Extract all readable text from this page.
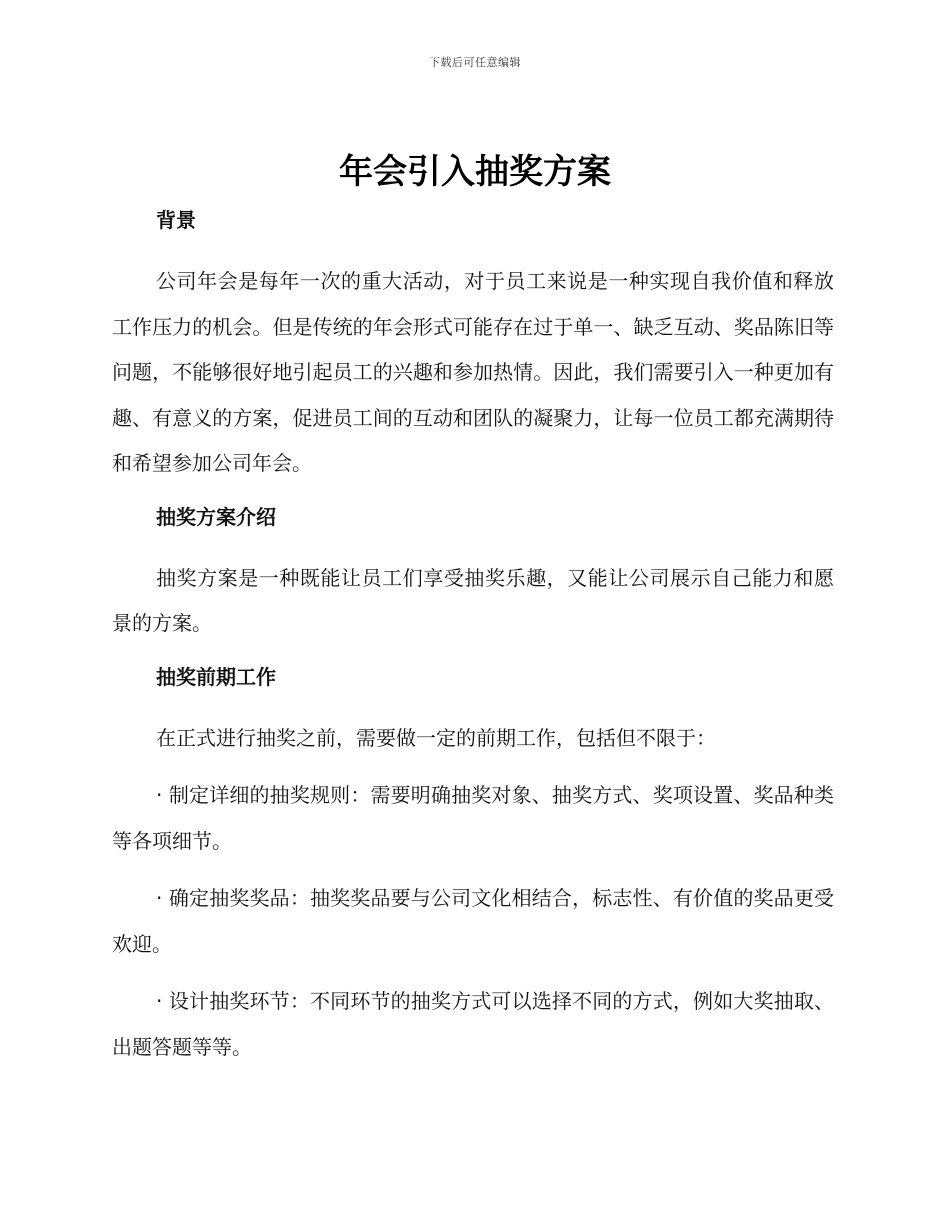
下载后可任意编辑
年会引入抽奖方案
背景

公司年会是每年一次的重大活动，对于员工来说是一种实现自我价值和释放工作压力的机会。但是传统的年会形式可能存在过于单一、缺乏互动、奖品陈旧等问题，不能够很好地引起员工的兴趣和参加热情。因此，我们需要引入一种更加有趣、有意义的方案，促进员工间的互动和团队的凝聚力，让每一位员工都充满期待和希望参加公司年会。

抽奖方案介绍

抽奖方案是一种既能让员工们享受抽奖乐趣，又能让公司展示自己能力和愿景的方案。

抽奖前期工作

在正式进行抽奖之前，需要做一定的前期工作，包括但不限于：

· 制定详细的抽奖规则：需要明确抽奖对象、抽奖方式、奖项设置、奖品种类等各项细节。

· 确定抽奖奖品：抽奖奖品要与公司文化相结合，标志性、有价值的奖品更受欢迎。

· 设计抽奖环节：不同环节的抽奖方式可以选择不同的方式，例如大奖抽取、出题答题等等。
